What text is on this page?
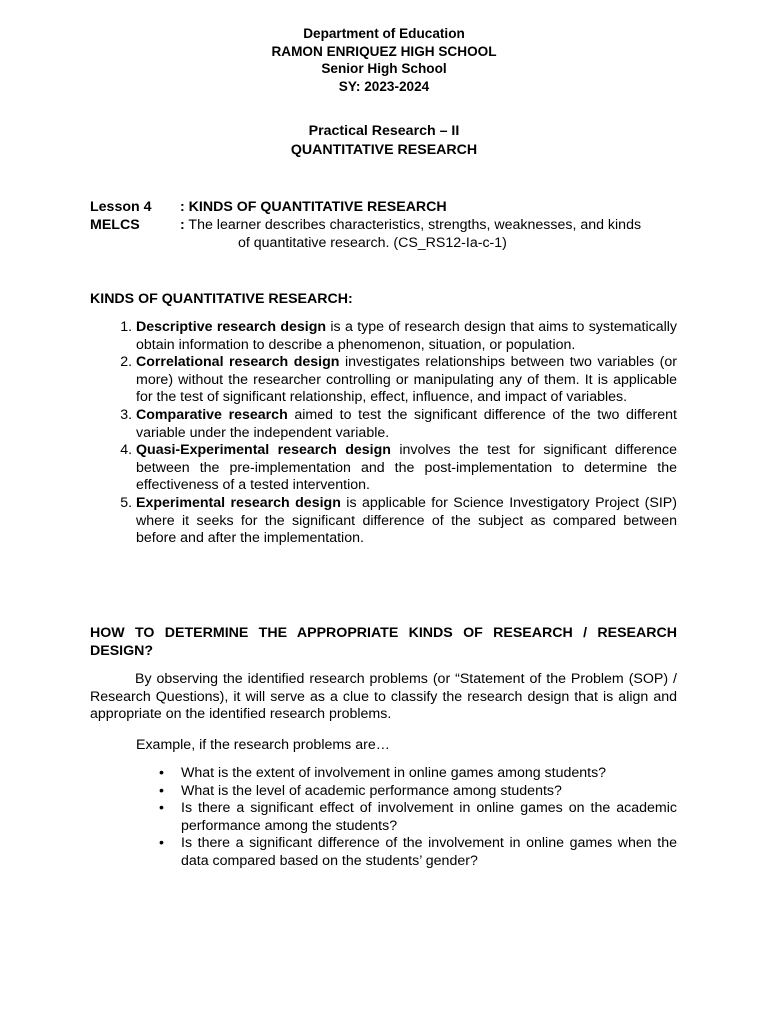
Department of Education
RAMON ENRIQUEZ HIGH SCHOOL
Senior High School
SY: 2023-2024
Practical Research – II
QUANTITATIVE RESEARCH
Lesson 4 : KINDS OF QUANTITATIVE RESEARCH
MELCS	: The learner describes characteristics, strengths, weaknesses, and kinds
of quantitative research. (CS_RS12-Ia-c-1)
KINDS OF QUANTITATIVE RESEARCH:
1. Descriptive research design is a type of research design that aims to systematically obtain information to describe a phenomenon, situation, or population.
2. Correlational research design investigates relationships between two variables (or more) without the researcher controlling or manipulating any of them. It is applicable for the test of significant relationship, effect, influence, and impact of variables.
3. Comparative research aimed to test the significant difference of the two different variable under the independent variable.
4. Quasi-Experimental research design involves the test for significant difference between the pre-implementation and the post-implementation to determine the effectiveness of a tested intervention.
5. Experimental research design is applicable for Science Investigatory Project (SIP) where it seeks for the significant difference of the subject as compared between before and after the implementation.
HOW TO DETERMINE THE APPROPRIATE KINDS OF RESEARCH / RESEARCH DESIGN?

By observing the identified research problems (or “Statement of the Problem (SOP) / Research Questions), it will serve as a clue to classify the research design that is align and appropriate on the identified research problems.

Example, if the research problems are…

• What is the extent of involvement in online games among students?
• What is the level of academic performance among students?
• Is there a significant effect of involvement in online games on the academic performance among the students?
• Is there a significant difference of the involvement in online games when the data compared based on the students’ gender?
